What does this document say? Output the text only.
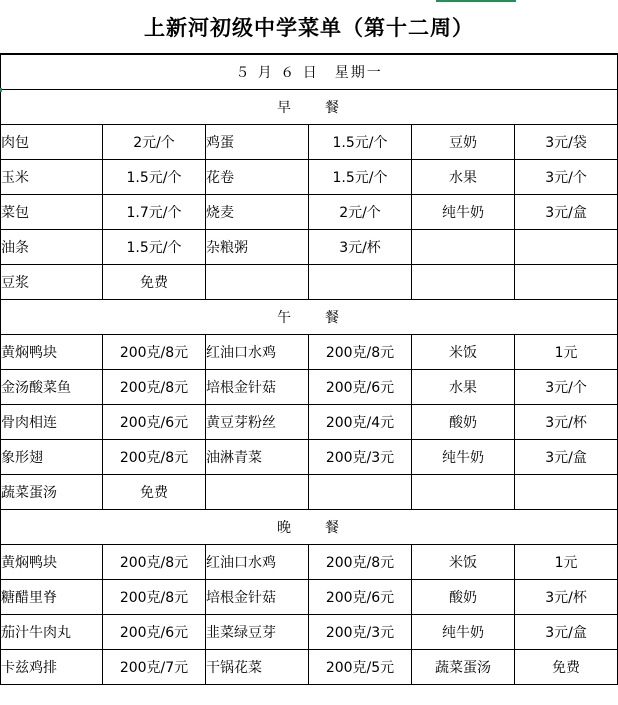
上新河初级中学菜单（第十二周）
５ 月 ６ 日　星期一					
早　　餐					
肉包	2元/个	鸡蛋	1.5元/个	豆奶	3元/袋
玉米	1.5元/个	花卷	1.5元/个	水果	3元/个
菜包	1.7元/个	烧麦	2元/个	纯牛奶	3元/盒
油条	1.5元/个	杂粮粥	3元/杯		
豆浆	免费				
午　　餐					
黄焖鸭块	200克/8元	红油口水鸡	200克/8元	米饭	1元
金汤酸菜鱼	200克/8元	培根金针菇	200克/6元	水果	3元/个
骨肉相连	200克/6元	黄豆芽粉丝	200克/4元	酸奶	3元/杯
象形翅	200克/8元	油淋青菜	200克/3元	纯牛奶	3元/盒
蔬菜蛋汤	免费				
晚　　餐					
黄焖鸭块	200克/8元	红油口水鸡	200克/8元	米饭	1元
糖醋里脊	200克/8元	培根金针菇	200克/6元	酸奶	3元/杯
茄汁牛肉丸	200克/6元	韭菜绿豆芽	200克/3元	纯牛奶	3元/盒
卡兹鸡排	200克/7元	干锅花菜	200克/5元	蔬菜蛋汤	免费
